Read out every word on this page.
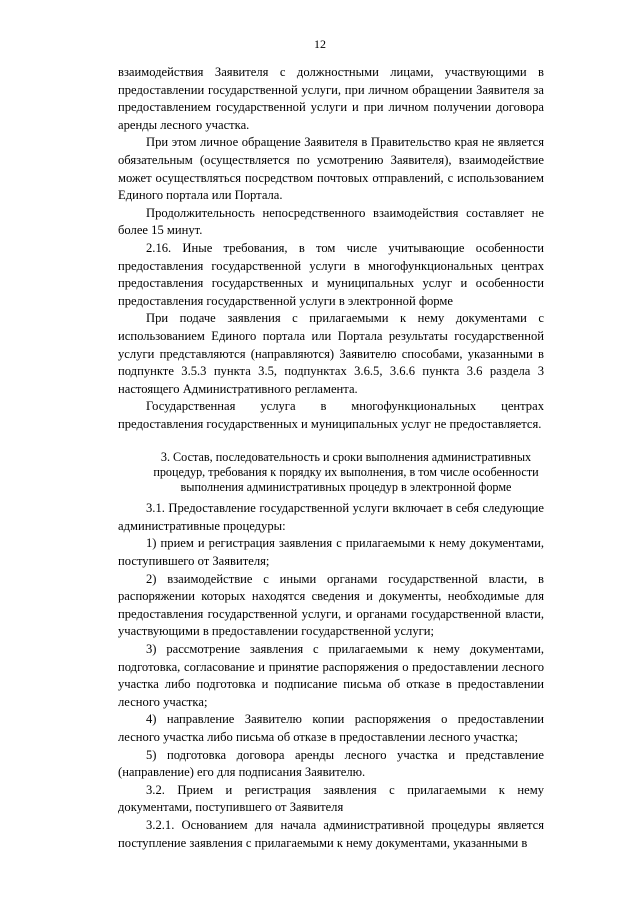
12

взаимодействия Заявителя с должностными лицами, участвующими в предоставлении государственной услуги, при личном обращении Заявителя за предоставлением государственной услуги и при личном получении договора аренды лесного участка.

При этом личное обращение Заявителя в Правительство края не является обязательным (осуществляется по усмотрению Заявителя), взаимодействие может осуществляться посредством почтовых отправлений, с использованием Единого портала или Портала.

Продолжительность непосредственного взаимодействия составляет не более 15 минут.

2.16. Иные требования, в том числе учитывающие особенности предоставления государственной услуги в многофункциональных центрах предоставления государственных и муниципальных услуг и особенности предоставления государственной услуги в электронной форме

При подаче заявления с прилагаемыми к нему документами с использованием Единого портала или Портала результаты государственной услуги представляются (направляются) Заявителю способами, указанными в подпункте 3.5.3 пункта 3.5, подпунктах 3.6.5, 3.6.6 пункта 3.6 раздела 3 настоящего Административного регламента.

Государственная услуга в многофункциональных центрах предоставления государственных и муниципальных услуг не предоставляется.

3. Состав, последовательность и сроки выполнения административных процедур, требования к порядку их выполнения, в том числе особенности выполнения административных процедур в электронной форме

3.1. Предоставление государственной услуги включает в себя следующие административные процедуры:

1) прием и регистрация заявления с прилагаемыми к нему документами, поступившего от Заявителя;

2) взаимодействие с иными органами государственной власти, в распоряжении которых находятся сведения и документы, необходимые для предоставления государственной услуги, и органами государственной власти, участвующими в предоставлении государственной услуги;

3) рассмотрение заявления с прилагаемыми к нему документами, подготовка, согласование и принятие распоряжения о предоставлении лесного участка либо подготовка и подписание письма об отказе в предоставлении лесного участка;

4) направление Заявителю копии распоряжения о предоставлении лесного участка либо письма об отказе в предоставлении лесного участка;

5) подготовка договора аренды лесного участка и представление (направление) его для подписания Заявителю.

3.2. Прием и регистрация заявления с прилагаемыми к нему документами, поступившего от Заявителя

3.2.1. Основанием для начала административной процедуры является поступление заявления с прилагаемыми к нему документами, указанными в
